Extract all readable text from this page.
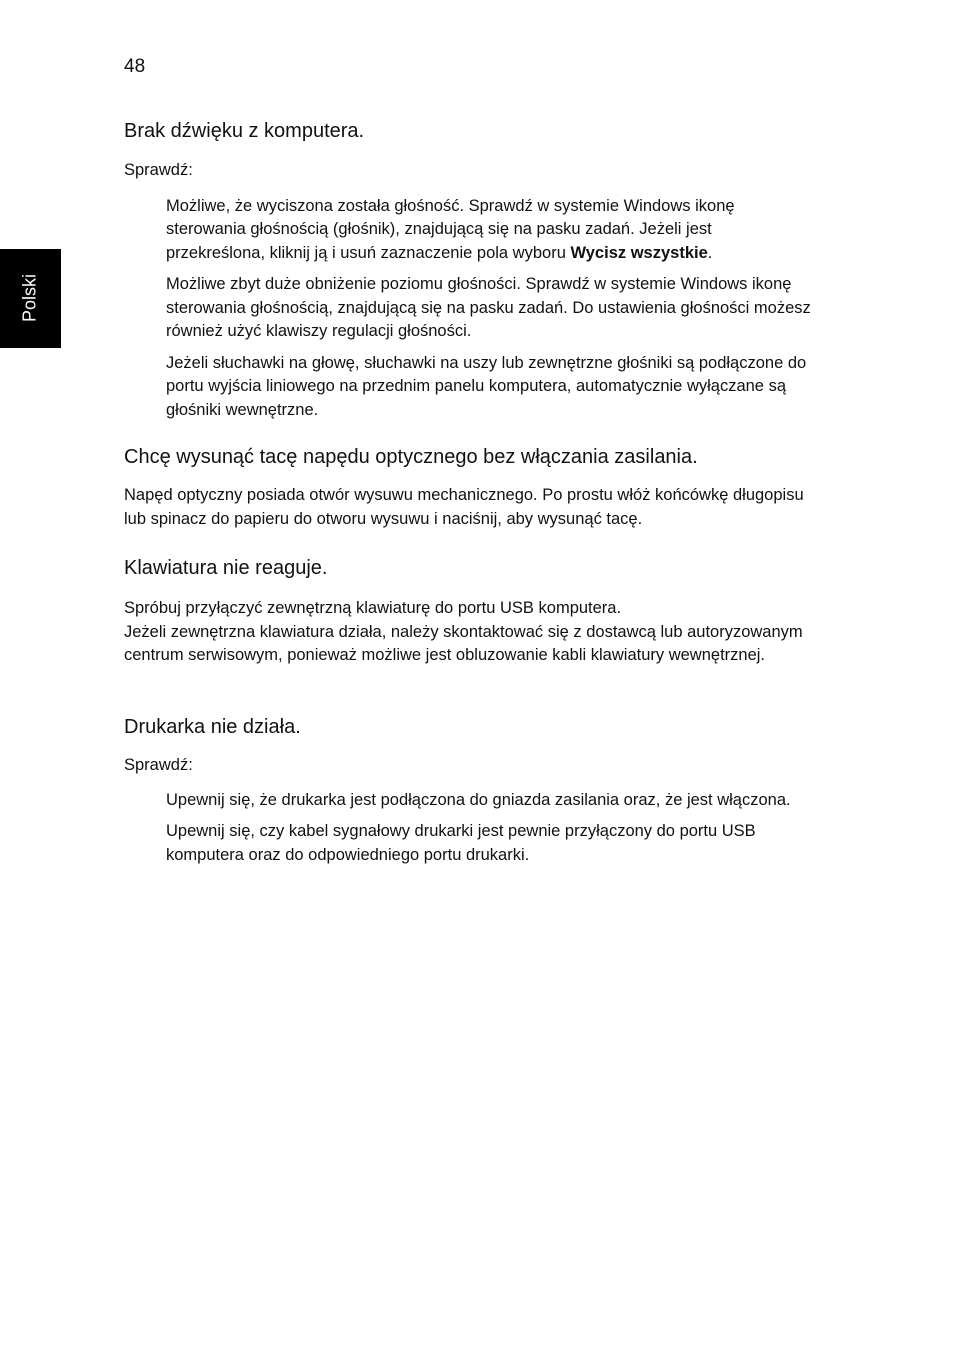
48
Polski
Brak dźwięku z komputera.

Sprawdź:

Możliwe, że wyciszona została głośność. Sprawdź w systemie Windows ikonę sterowania głośnością (głośnik), znajdującą się na pasku zadań. Jeżeli jest przekreślona, kliknij ją i usuń zaznaczenie pola wyboru Wycisz wszystkie.

Możliwe zbyt duże obniżenie poziomu głośności. Sprawdź w systemie Windows ikonę sterowania głośnością, znajdującą się na pasku zadań. Do ustawienia głośności możesz również użyć klawiszy regulacji głośności.

Jeżeli słuchawki na głowę, słuchawki na uszy lub zewnętrzne głośniki są podłączone do portu wyjścia liniowego na przednim panelu komputera, automatycznie wyłączane są głośniki wewnętrzne.

Chcę wysunąć tacę napędu optycznego bez włączania zasilania.

Napęd optyczny posiada otwór wysuwu mechanicznego. Po prostu włóż końcówkę długopisu lub spinacz do papieru do otworu wysuwu i naciśnij, aby wysunąć tacę.

Klawiatura nie reaguje.

Spróbuj przyłączyć zewnętrzną klawiaturę do portu USB komputera.

Jeżeli zewnętrzna klawiatura działa, należy skontaktować się z dostawcą lub autoryzowanym centrum serwisowym, ponieważ możliwe jest obluzowanie kabli klawiatury wewnętrznej.

Drukarka nie działa.

Sprawdź:

Upewnij się, że drukarka jest podłączona do gniazda zasilania oraz, że jest włączona.

Upewnij się, czy kabel sygnałowy drukarki jest pewnie przyłączony do portu USB komputera oraz do odpowiedniego portu drukarki.
